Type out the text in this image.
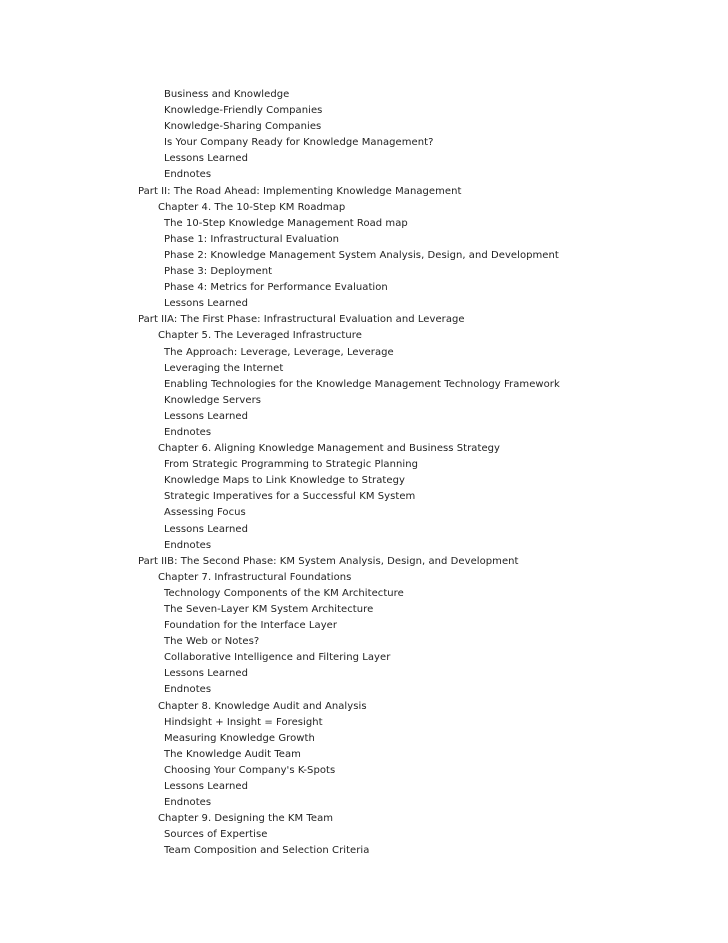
Business and Knowledge
Knowledge-Friendly Companies
Knowledge-Sharing Companies
Is Your Company Ready for Knowledge Management?
Lessons Learned
Endnotes
Part II: The Road Ahead: Implementing Knowledge Management
Chapter 4. The 10-Step KM Roadmap
The 10-Step Knowledge Management Road map
Phase 1: Infrastructural Evaluation
Phase 2: Knowledge Management System Analysis, Design, and Development
Phase 3: Deployment
Phase 4: Metrics for Performance Evaluation
Lessons Learned
Part IIA: The First Phase: Infrastructural Evaluation and Leverage
Chapter 5. The Leveraged Infrastructure
The Approach: Leverage, Leverage, Leverage
Leveraging the Internet
Enabling Technologies for the Knowledge Management Technology Framework
Knowledge Servers
Lessons Learned
Endnotes
Chapter 6. Aligning Knowledge Management and Business Strategy
From Strategic Programming to Strategic Planning
Knowledge Maps to Link Knowledge to Strategy
Strategic Imperatives for a Successful KM System
Assessing Focus
Lessons Learned
Endnotes
Part IIB: The Second Phase: KM System Analysis, Design, and Development
Chapter 7. Infrastructural Foundations
Technology Components of the KM Architecture
The Seven-Layer KM System Architecture
Foundation for the Interface Layer
The Web or Notes?
Collaborative Intelligence and Filtering Layer
Lessons Learned
Endnotes
Chapter 8. Knowledge Audit and Analysis
Hindsight + Insight = Foresight
Measuring Knowledge Growth
The Knowledge Audit Team
Choosing Your Company's K-Spots
Lessons Learned
Endnotes
Chapter 9. Designing the KM Team
Sources of Expertise
Team Composition and Selection Criteria
